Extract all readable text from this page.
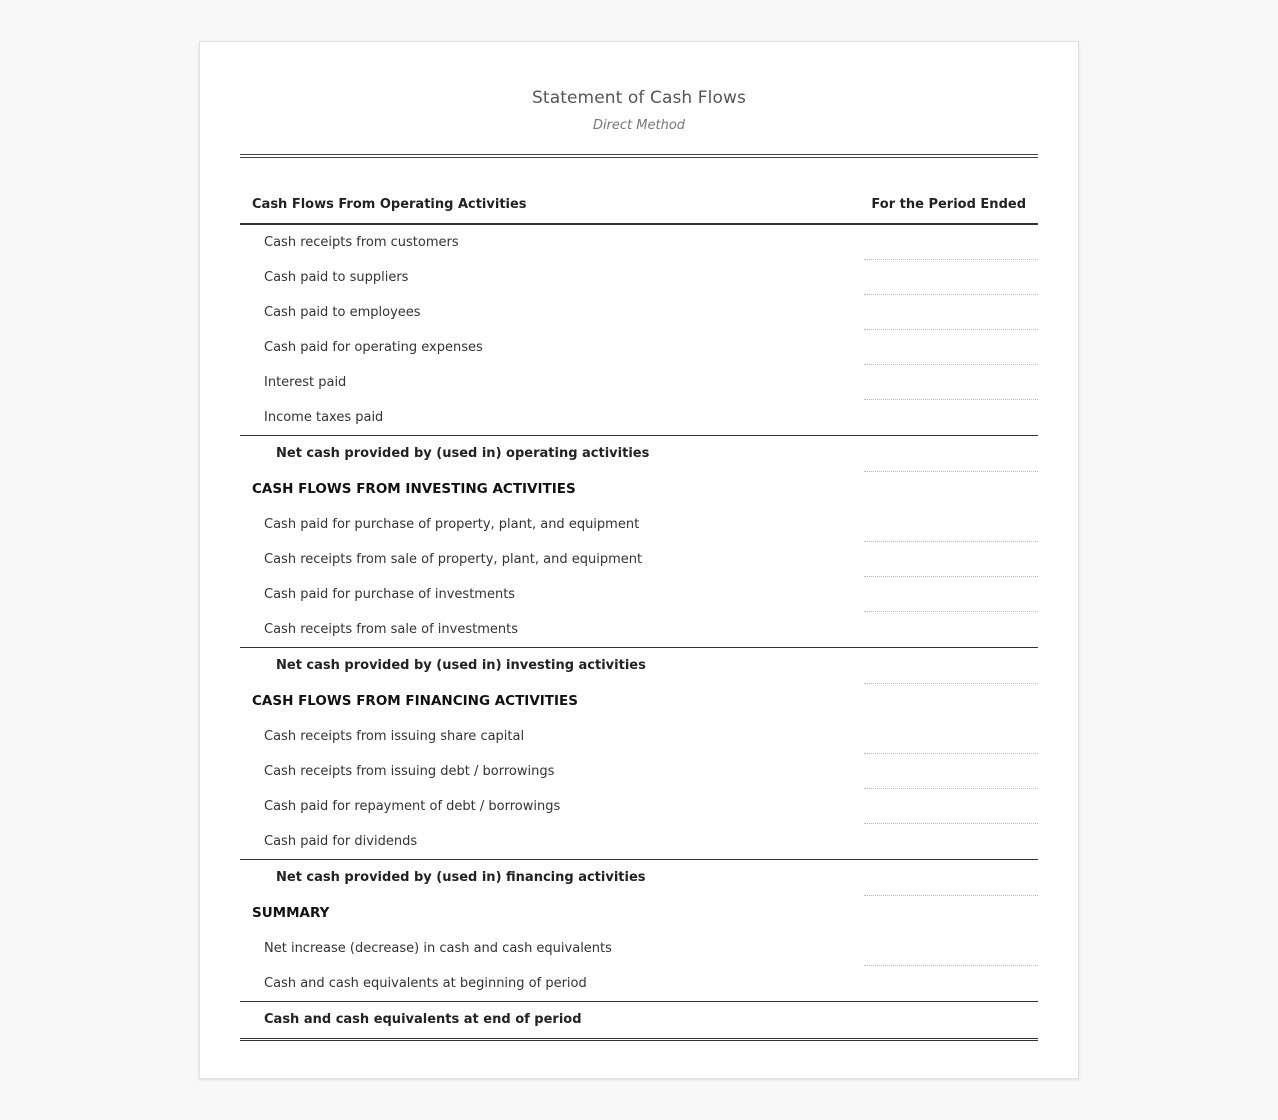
Statement of Cash Flows
Direct Method
Cash Flows From Operating Activities	For the Period Ended
Cash receipts from customers
Cash paid to suppliers
Cash paid to employees
Cash paid for operating expenses
Interest paid
Income taxes paid
Net cash provided by (used in) operating activities
CASH FLOWS FROM INVESTING ACTIVITIES
Cash paid for purchase of property, plant, and equipment
Cash receipts from sale of property, plant, and equipment
Cash paid for purchase of investments
Cash receipts from sale of investments
Net cash provided by (used in) investing activities
CASH FLOWS FROM FINANCING ACTIVITIES
Cash receipts from issuing share capital
Cash receipts from issuing debt / borrowings
Cash paid for repayment of debt / borrowings
Cash paid for dividends
Net cash provided by (used in) financing activities
SUMMARY
Net increase (decrease) in cash and cash equivalents
Cash and cash equivalents at beginning of period
Cash and cash equivalents at end of period
